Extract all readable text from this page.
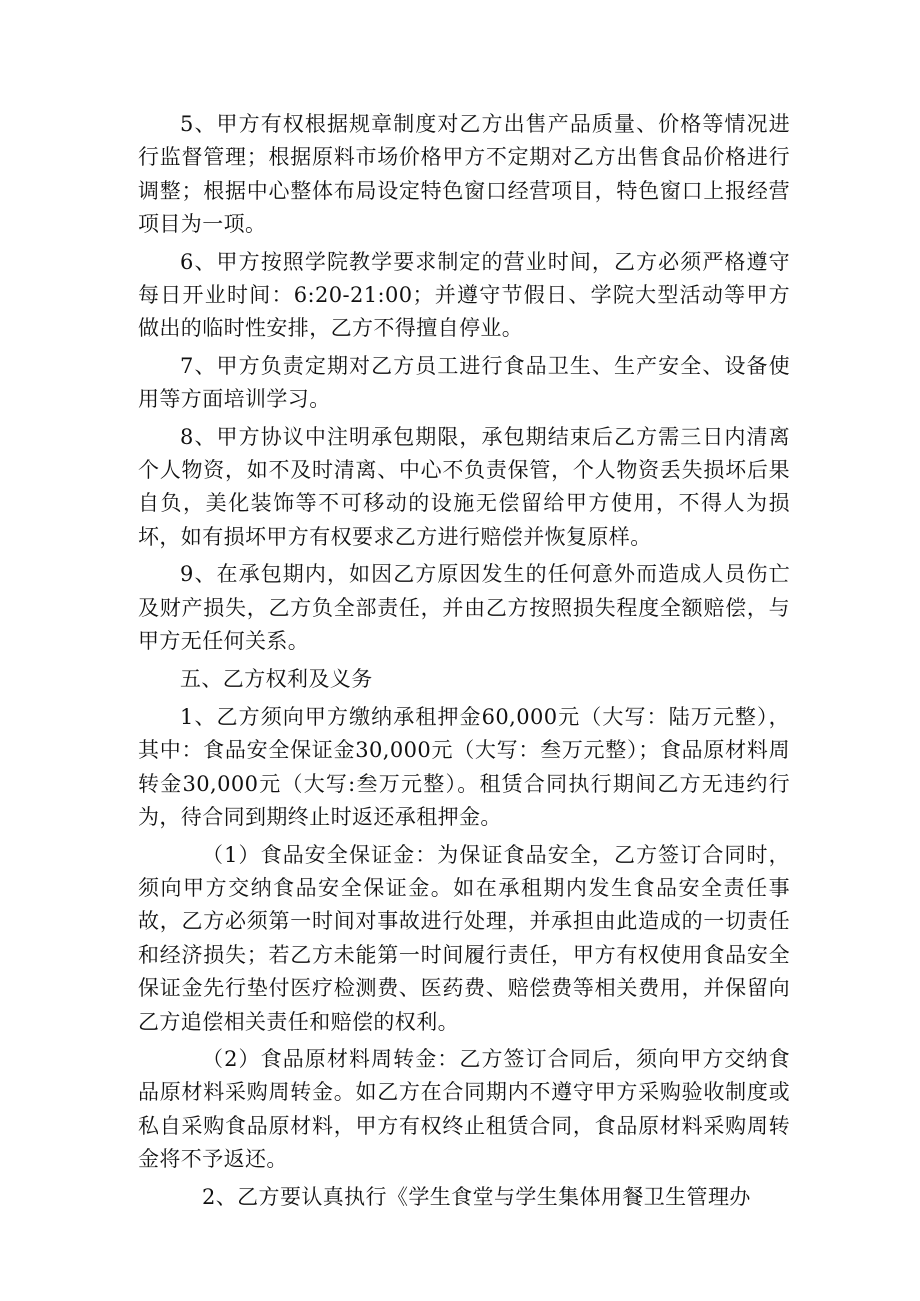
5、甲方有权根据规章制度对乙方出售产品质量、价格等情况进行监督管理；根据原料市场价格甲方不定期对乙方出售食品价格进行调整；根据中心整体布局设定特色窗口经营项目，特色窗口上报经营项目为一项。

6、甲方按照学院教学要求制定的营业时间，乙方必须严格遵守每日开业时间：6:20-21:00；并遵守节假日、学院大型活动等甲方做出的临时性安排，乙方不得擅自停业。

7、甲方负责定期对乙方员工进行食品卫生、生产安全、设备使用等方面培训学习。

8、甲方协议中注明承包期限，承包期结束后乙方需三日内清离个人物资，如不及时清离、中心不负责保管，个人物资丢失损坏后果自负，美化装饰等不可移动的设施无偿留给甲方使用，不得人为损坏，如有损坏甲方有权要求乙方进行赔偿并恢复原样。

9、在承包期内，如因乙方原因发生的任何意外而造成人员伤亡及财产损失，乙方负全部责任，并由乙方按照损失程度全额赔偿，与甲方无任何关系。

五、乙方权利及义务

1、乙方须向甲方缴纳承租押金60,000元（大写：陆万元整），其中：食品安全保证金30,000元（大写：叁万元整）；食品原材料周转金30,000元（大写:叁万元整）。租赁合同执行期间乙方无违约行为，待合同到期终止时返还承租押金。

（1）食品安全保证金：为保证食品安全，乙方签订合同时，须向甲方交纳食品安全保证金。如在承租期内发生食品安全责任事故，乙方必须第一时间对事故进行处理，并承担由此造成的一切责任和经济损失；若乙方未能第一时间履行责任，甲方有权使用食品安全保证金先行垫付医疗检测费、医药费、赔偿费等相关费用，并保留向乙方追偿相关责任和赔偿的权利。

（2）食品原材料周转金：乙方签订合同后，须向甲方交纳食品原材料采购周转金。如乙方在合同期内不遵守甲方采购验收制度或私自采购食品原材料，甲方有权终止租赁合同，食品原材料采购周转金将不予返还。

2、乙方要认真执行《学生食堂与学生集体用餐卫生管理办
